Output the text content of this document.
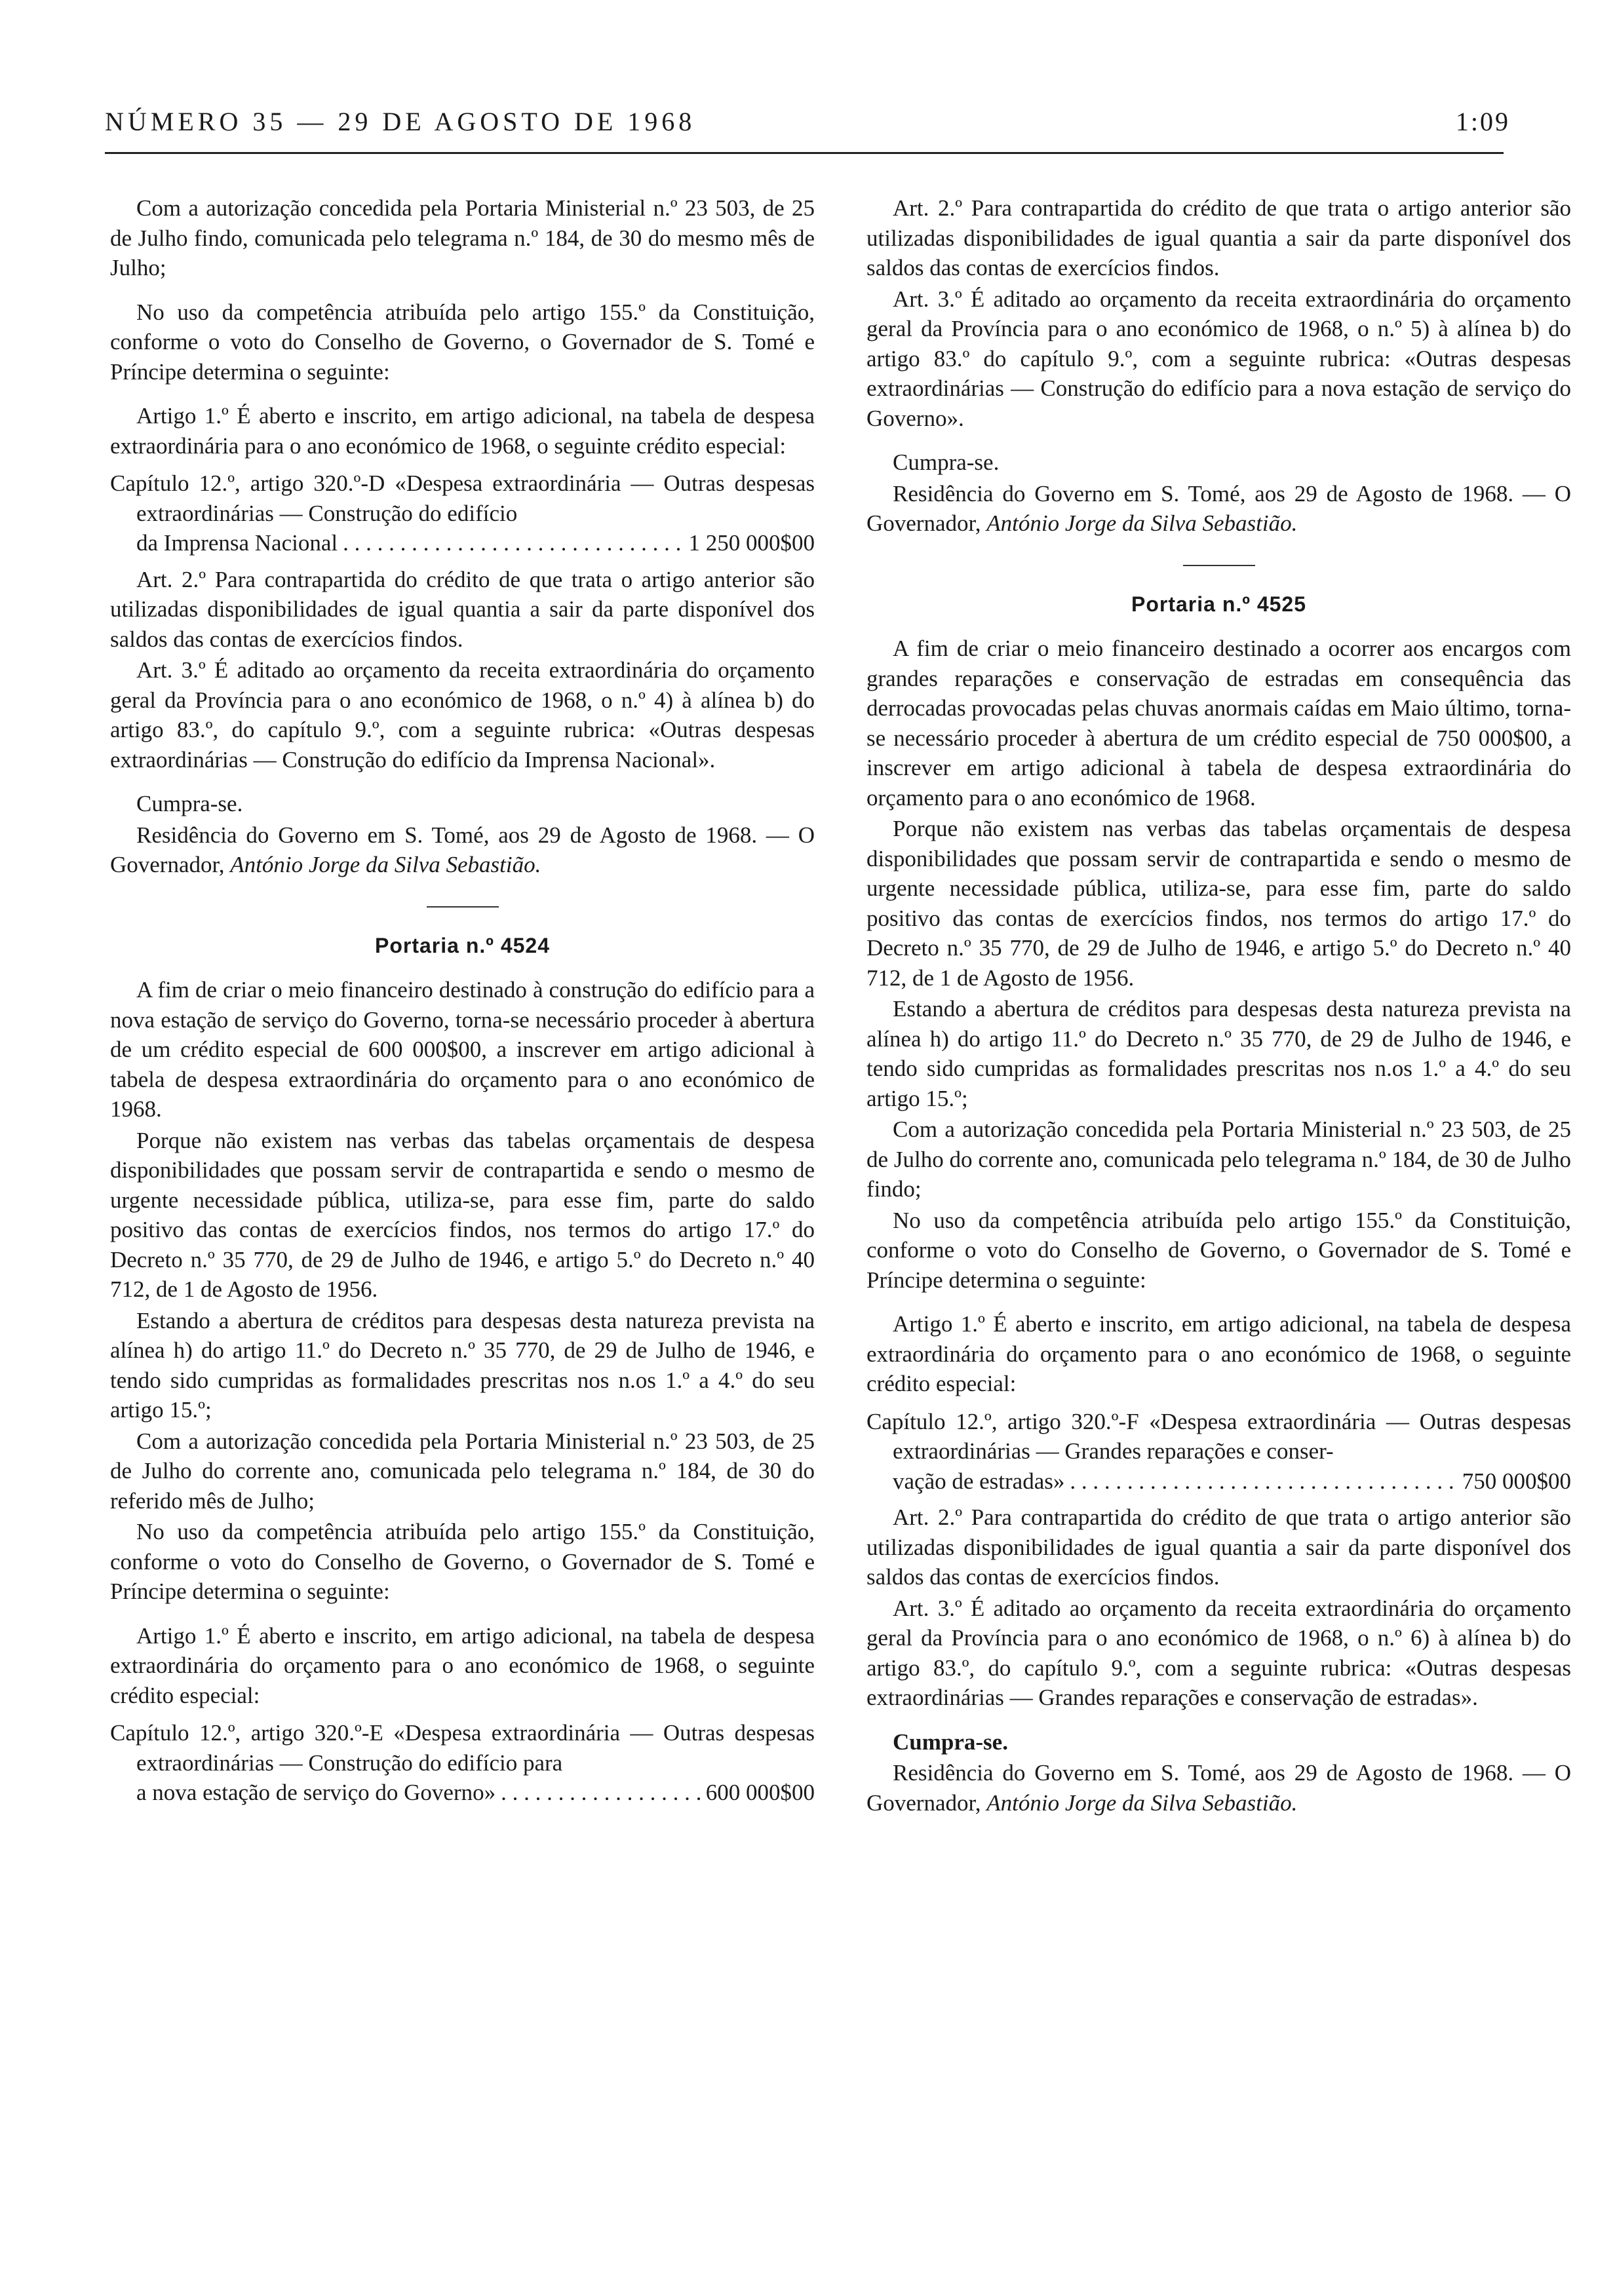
NÚMERO 35 — 29 DE AGOSTO DE 1968	1:09

Com a autorização concedida pela Portaria Ministerial n.º 23 503, de 25 de Julho findo, comunicada pelo telegrama n.º 184, de 30 do mesmo mês de Julho;

No uso da competência atribuída pelo artigo 155.º da Constituição, conforme o voto do Conselho de Governo, o Governador de S. Tomé e Príncipe determina o seguinte:

Artigo 1.º É aberto e inscrito, em artigo adicional, na tabela de despesa extraordinária para o ano económico de 1968, o seguinte crédito especial:

Capítulo 12.º, artigo 320.º-D «Despesa extraordinária — Outras despesas extraordinárias — Construção do edifício
da Imprensa Nacional . . .	1 250 000$00

Art. 2.º Para contrapartida do crédito de que trata o artigo anterior são utilizadas disponibilidades de igual quantia a sair da parte disponível dos saldos das contas de exercícios findos.

Art. 3.º É aditado ao orçamento da receita extraordinária do orçamento geral da Província para o ano económico de 1968, o n.º 4) à alínea b) do artigo 83.º, do capítulo 9.º, com a seguinte rubrica: «Outras despesas extraordinárias — Construção do edifício da Imprensa Nacional».

Cumpra-se.

Residência do Governo em S. Tomé, aos 29 de Agosto de 1968. — O Governador, António Jorge da Silva Sebastião.

Portaria n.º 4524

A fim de criar o meio financeiro destinado à construção do edifício para a nova estação de serviço do Governo, torna-se necessário proceder à abertura de um crédito especial de 600 000$00, a inscrever em artigo adicional à tabela de despesa extraordinária do orçamento para o ano económico de 1968.

Porque não existem nas verbas das tabelas orçamentais de despesa disponibilidades que possam servir de contrapartida e sendo o mesmo de urgente necessidade pública, utiliza-se, para esse fim, parte do saldo positivo das contas de exercícios findos, nos termos do artigo 17.º do Decreto n.º 35 770, de 29 de Julho de 1946, e artigo 5.º do Decreto n.º 40 712, de 1 de Agosto de 1956.

Estando a abertura de créditos para despesas desta natureza prevista na alínea h) do artigo 11.º do Decreto n.º 35 770, de 29 de Julho de 1946, e tendo sido cumpridas as formalidades prescritas nos n.os 1.º a 4.º do seu artigo 15.º;

Com a autorização concedida pela Portaria Ministerial n.º 23 503, de 25 de Julho do corrente ano, comunicada pelo telegrama n.º 184, de 30 do referido mês de Julho;

No uso da competência atribuída pelo artigo 155.º da Constituição, conforme o voto do Conselho de Governo, o Governador de S. Tomé e Príncipe determina o seguinte:

Artigo 1.º É aberto e inscrito, em artigo adicional, na tabela de despesa extraordinária do orçamento para o ano económico de 1968, o seguinte crédito especial:

Capítulo 12.º, artigo 320.º-E «Despesa extraordinária — Outras despesas extraordinárias — Construção do edifício para
a nova estação de serviço do Governo» . . .	600 000$00

Art. 2.º Para contrapartida do crédito de que trata o artigo anterior são utilizadas disponibilidades de igual quantia a sair da parte disponível dos saldos das contas de exercícios findos.

Art. 3.º É aditado ao orçamento da receita extraordinária do orçamento geral da Província para o ano económico de 1968, o n.º 5) à alínea b) do artigo 83.º do capítulo 9.º, com a seguinte rubrica: «Outras despesas extraordinárias — Construção do edifício para a nova estação de serviço do Governo».

Cumpra-se.

Residência do Governo em S. Tomé, aos 29 de Agosto de 1968. — O Governador, António Jorge da Silva Sebastião.

Portaria n.º 4525

A fim de criar o meio financeiro destinado a ocorrer aos encargos com grandes reparações e conservação de estradas em consequência das derrocadas provocadas pelas chuvas anormais caídas em Maio último, torna-se necessário proceder à abertura de um crédito especial de 750 000$00, a inscrever em artigo adicional à tabela de despesa extraordinária do orçamento para o ano económico de 1968.

Porque não existem nas verbas das tabelas orçamentais de despesa disponibilidades que possam servir de contrapartida e sendo o mesmo de urgente necessidade pública, utiliza-se, para esse fim, parte do saldo positivo das contas de exercícios findos, nos termos do artigo 17.º do Decreto n.º 35 770, de 29 de Julho de 1946, e artigo 5.º do Decreto n.º 40 712, de 1 de Agosto de 1956.

Estando a abertura de créditos para despesas desta natureza prevista na alínea h) do artigo 11.º do Decreto n.º 35 770, de 29 de Julho de 1946, e tendo sido cumpridas as formalidades prescritas nos n.os 1.º a 4.º do seu artigo 15.º;

Com a autorização concedida pela Portaria Ministerial n.º 23 503, de 25 de Julho do corrente ano, comunicada pelo telegrama n.º 184, de 30 de Julho findo;

No uso da competência atribuída pelo artigo 155.º da Constituição, conforme o voto do Conselho de Governo, o Governador de S. Tomé e Príncipe determina o seguinte:

Artigo 1.º É aberto e inscrito, em artigo adicional, na tabela de despesa extraordinária do orçamento para o ano económico de 1968, o seguinte crédito especial:

Capítulo 12.º, artigo 320.º-F «Despesa extraordinária — Outras despesas extraordinárias — Grandes reparações e conser-
vação de estradas» . . .	750 000$00

Art. 2.º Para contrapartida do crédito de que trata o artigo anterior são utilizadas disponibilidades de igual quantia a sair da parte disponível dos saldos das contas de exercícios findos.

Art. 3.º É aditado ao orçamento da receita extraordinária do orçamento geral da Província para o ano económico de 1968, o n.º 6) à alínea b) do artigo 83.º, do capítulo 9.º, com a seguinte rubrica: «Outras despesas extraordinárias — Grandes reparações e conservação de estradas».

Cumpra-se.

Residência do Governo em S. Tomé, aos 29 de Agosto de 1968. — O Governador, António Jorge da Silva Sebastião.
